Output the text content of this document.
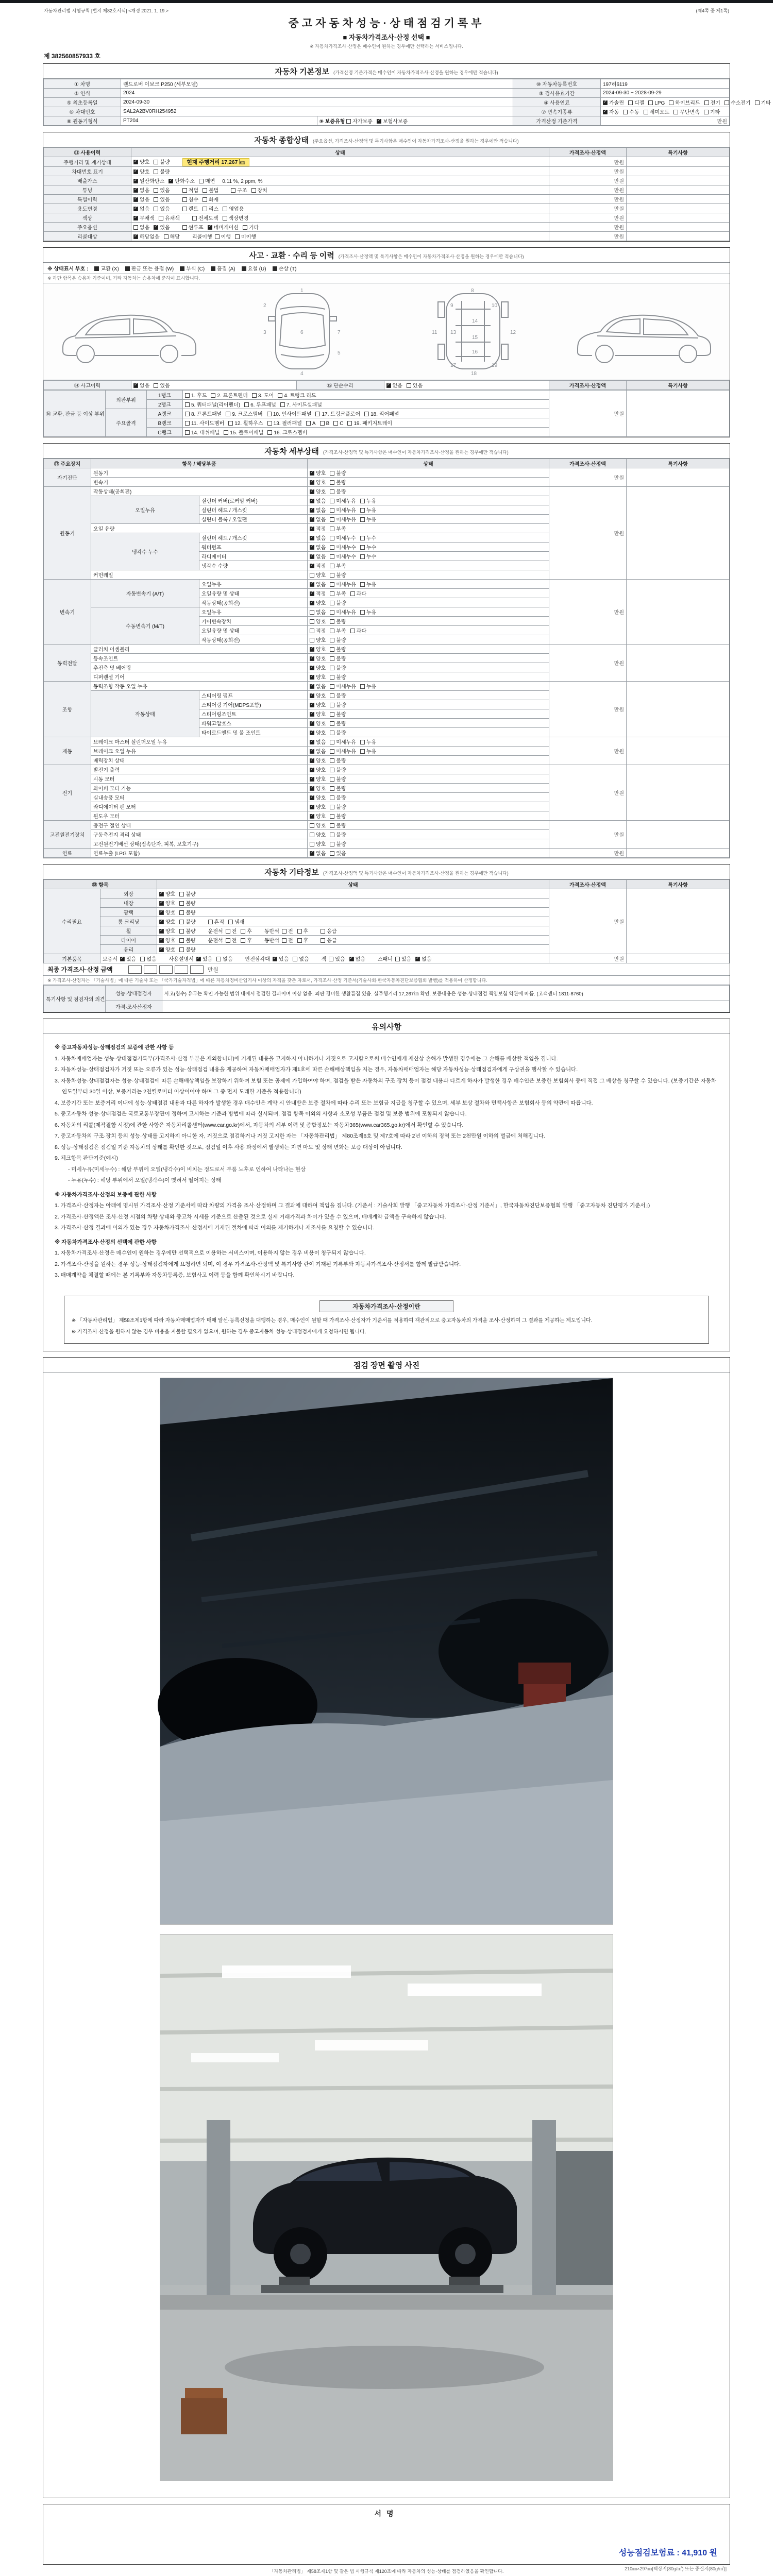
자동차관리법 시행규칙 [별지 제82호서식] <개정 2021. 1. 19.>	(제4쪽 중 제1쪽)
중고자동차성능·상태점검기록부
■ 자동차가격조사·산정 선택 ■
※ 자동차가격조사·산정은 매수인이 원하는 경우에만 선택하는 서비스입니다.
제 382560857933 호
자동차 기본정보 (가격산정 기준가격은 매수인이 자동차가격조사·산정을 원하는 경우에만 적습니다)
① 차명	랜드로버 이보크 P250 (세부모델)		⑩ 자동차등록번호	197허6119
② 연식	2024		③ 검사유효기간	2024-09-30 ~ 2028-09-29
⑤ 최초등록일	2024-09-30		④ 사용연료	✓가솔린 디젤 LPG 하이브리드 전기 수소전기 기타
⑥ 차대번호	SAL2A2BV0RH254952		⑦ 변속기종류	✓자동 수동 세미오토 무단변속 기타
⑧ 원동기형식	PT204	⑨ 보증유형 자가보증 ✓ 보험사보증	가격산정 기준가격	만원
자동차 종합상태 (주요옵션, 가격조사·산정액 및 특기사항은 매수인이 자동차가격조사·산정을 원하는 경우에만 적습니다)
⑪ 사용이력	상태	가격조사·산정액	특기사항
주행거리 및 계기상태	✓양호 불량 현재 주행거리 17,267 ㎞	만원	
차대번호 표기	✓양호 불량	만원	
배출가스	✓일산화탄소 ✓ 탄화수소 매연 0.11 %, 2 ppm, %	만원	
튜닝	✓없음 있음 적법 불법 구조 장치	만원	
특별이력	✓없음 있음 침수 화재	만원	
용도변경	✓없음 있음 렌트 리스 영업용	만원	
색상	✓무채색 유채색 전체도색 색상변경	만원	
주요옵션	없음 ✓ 있음 썬루프 ✓ 네비게이션 기타	만원	
리콜대상	✓해당없음 해당 리콜이행 이행 미이행	만원	
사고 · 교환 · 수리 등 이력 (가격조사·산정액 및 특기사항은 매수인이 자동차가격조사·산정을 원하는 경우에만 적습니다)
※ 상태표시 부호 : 교환 (X) 판금 또는 용접 (W) 부식 (C) 흠집 (A) 요철 (U) 손상 (T)
※ 하단 항목은 승용차 기준이며, 기타 자동차는 승용차에 준하여 표시합니다.
1
2
3
4
5
6	7
8
9	10
11	12
13
14
15
16
17
18
19
⑭ 사고이력	✓없음 있음	⑮ 단순수리	✓없음 있음	가격조사·산정액	특기사항
⑯ 교환, 판금 등 이상 부위	외판부위	1랭크	1. 후드 2. 프론트펜더 3. 도어 4. 트렁크 리드	만원	
		2랭크	5. 쿼터패널(리어펜더) 6. 루프패널 7. 사이드실패널		
	주요골격	A랭크	8. 프론트패널 9. 크로스멤버 10. 인사이드패널 17. 트렁크플로어 18. 리어패널		
		B랭크	11. 사이드멤버 12. 휠하우스 13. 필러패널 A B C 19. 패키지트레이		
		C랭크	14. 대쉬패널 15. 플로어패널 16. 크로스멤버		
자동차 세부상태 (가격조사·산정액 및 특기사항은 매수인이 자동차가격조사·산정을 원하는 경우에만 적습니다)
⑰ 주요장치	항목 / 해당부품		상태	가격조사·산정액	특기사항
자기진단	원동기	✓양호 불량	만원	
	변속기	✓양호 불량
원동기	작동상태(공회전)	✓양호 불량	만원	
	오일누유	실린더 커버(로커암 커버)	✓없음 미세누유 누유
		실린더 헤드 / 개스킷	✓없음 미세누유 누유
		실린더 블록 / 오일팬	✓없음 미세누유 누유
	오일 유량	✓적정 부족
	냉각수 누수	실린더 헤드 / 개스킷	✓없음 미세누수 누수
		워터펌프	✓없음 미세누수 누수
		라디에이터	✓없음 미세누수 누수
		냉각수 수량	✓적정 부족
	커먼레일		양호 불량		
변속기	자동변속기 (A/T)	오일누유	✓없음 미세누유 누유	만원	
		오일유량 및 상태	✓적정 부족 과다
		작동상태(공회전)	✓양호 불량
	수동변속기 (M/T)	오일누유	없음 미세누유 누유		
		기어변속장치	양호 불량		
		오일유량 및 상태	적정 부족 과다		
		작동상태(공회전)	양호 불량		
동력전달	클러치 어셈블리	✓양호 불량	만원	
	등속조인트	✓양호 불량
	추진축 및 베어링	✓양호 불량
	디퍼렌셜 기어	✓양호 불량
조향	동력조향 작동 오일 누유	✓없음 미세누유 누유	만원	
	작동상태	스티어링 펌프	✓양호 불량
		스티어링 기어(MDPS포함)	✓양호 불량
		스티어링조인트	✓양호 불량
		파워고압호스	✓양호 불량
		타이로드엔드 및 볼 조인트	✓양호 불량
제동	브레이크 마스터 실린더오일 누유	✓없음 미세누유 누유	만원	
	브레이크 오일 누유	✓없음 미세누유 누유
	배력장치 상태	✓양호 불량
전기	발전기 출력	✓양호 불량	만원	
	시동 모터	✓양호 불량
	와이퍼 모터 기능	✓양호 불량
	실내송풍 모터	✓양호 불량
	라디에이터 팬 모터	✓양호 불량
	윈도우 모터	✓양호 불량
고전원전기장치	충전구 절연 상태		양호 불량	만원	
	구동축전지 격리 상태		양호 불량		
	고전원전기배선 상태(접속단자, 피복, 보호기구)		양호 불량		
연료	연료누출 (LPG 포함)	✓없음 있음	만원	
자동차 기타정보 (가격조사·산정액 및 특기사항은 매수인이 자동차가격조사·산정을 원하는 경우에만 적습니다)
⑱ 항목		상태	가격조사·산정액	특기사항
수리필요	외장	✓양호 불량	만원	
	내장	✓양호 불량
	광택	✓양호 불량
	룸 크리닝	✓양호 불량 흔적 냄새
	휠	✓양호 불량 운전석 전 후 동반석 전 후 응급
	타이어	✓양호 불량 운전석 전 후 동반석 전 후 응급
	유리	✓양호 불량
기본품목	보증서 ✓ 있음 없음 사용설명서 ✓ 있음 없음 안전삼각대 ✓ 있음 없음 잭 있음 ✓ 없음 스패너 있음 ✓ 없음		만원	
최종 가격조사·산정 금액	만원
※ 가격조사·산정자는 「기술사법」에 따른 기술사 또는 「국가기술자격법」에 따른 자동차정비산업기사 이상의 자격을 갖춘 자로서, 가격조사·산정 기준서(기술사회·한국자동차진단보증협회 발행)를 적용하여 산정합니다.
특기사항 및 점검자의 의견	성능·상태점검자	사고(침수) 유무는 확인 가능한 범위 내에서 점검한 결과이며 이상 없음. 외판 경미한 생활흠집 있음. 실주행거리 17,267㎞ 확인. 보증내용은 성능·상태점검 책임보험 약관에 따름. (고객센터 1811-8760)
	가격·조사산정자	
유의사항
※ 중고자동차성능·상태점검의 보증에 관한 사항 등
1. 자동차매매업자는 성능·상태점검기록부(가격조사·산정 부분은 제외합니다)에 기재된 내용을 고지하지 아니하거나 거짓으로 고지함으로써 매수인에게 재산상 손해가 발생한 경우에는 그 손해를 배상할 책임을 집니다.
2. 자동차성능·상태점검자가 거짓 또는 오류가 있는 성능·상태점검 내용을 제공하여 자동차매매업자가 제1호에 따른 손해배상책임을 지는 경우, 자동차매매업자는 해당 자동차성능·상태점검자에게 구상권을 행사할 수 있습니다.
3. 자동차성능·상태점검자는 성능·상태점검에 따른 손해배상책임을 보장하기 위하여 보험 또는 공제에 가입하여야 하며, 점검을 받은 자동차의 구조·장치 등이 점검 내용과 다르게 하자가 발생한 경우 매수인은 보증한 보험회사 등에 직접 그 배상을 청구할 수 있습니다. (보증기간은 자동차 인도일부터 30일 이상, 보증거리는 2천킬로미터 이상이어야 하며 그 중 먼저 도래한 기준을 적용합니다)
4. 보증기간 또는 보증거리 이내에 성능·상태점검 내용과 다른 하자가 발생한 경우 매수인은 계약 시 안내받은 보증 절차에 따라 수리 또는 보험금 지급을 청구할 수 있으며, 세부 보상 절차와 면책사항은 보험회사 등의 약관에 따릅니다.
5. 중고자동차 성능·상태점검은 국토교통부장관이 정하여 고시하는 기준과 방법에 따라 실시되며, 점검 항목 이외의 사항과 소모성 부품은 점검 및 보증 범위에 포함되지 않습니다.
6. 자동차의 리콜(제작결함 시정)에 관한 사항은 자동차리콜센터(www.car.go.kr)에서, 자동차의 세부 이력 및 종합정보는 자동차365(www.car365.go.kr)에서 확인할 수 있습니다.
7. 중고자동차의 구조·장치 등의 성능·상태를 고지하지 아니한 자, 거짓으로 점검하거나 거짓 고지한 자는 「자동차관리법」 제80조제6호 및 제7호에 따라 2년 이하의 징역 또는 2천만원 이하의 벌금에 처해집니다.
8. 성능·상태점검은 점검일 기준 자동차의 상태를 확인한 것으로, 점검일 이후 사용 과정에서 발생하는 자연 마모 및 상태 변화는 보증 대상이 아닙니다.
9. 체크항목 판단기준(예시)
- 미세누유(미세누수) : 해당 부위에 오일(냉각수)이 비치는 정도로서 부품 노후로 인하여 나타나는 현상
- 누유(누수) : 해당 부위에서 오일(냉각수)이 맺혀서 떨어지는 상태
※ 자동차가격조사·산정의 보증에 관한 사항
1. 가격조사·산정자는 아래에 명시된 가격조사·산정 기준서에 따라 차량의 가격을 조사·산정하며 그 결과에 대하여 책임을 집니다. (기준서 : 기술사회 발행 「중고자동차 가격조사·산정 기준서」, 한국자동차진단보증협회 발행 「중고자동차 진단평가 기준서」)
2. 가격조사·산정액은 조사·산정 시점의 차량 상태와 중고차 시세를 기준으로 산출된 것으로 실제 거래가격과 차이가 있을 수 있으며, 매매계약 금액을 구속하지 않습니다.
3. 가격조사·산정 결과에 이의가 있는 경우 자동차가격조사·산정서에 기재된 절차에 따라 이의를 제기하거나 재조사를 요청할 수 있습니다.
※ 자동차가격조사·산정의 선택에 관한 사항
1. 자동차가격조사·산정은 매수인이 원하는 경우에만 선택적으로 이용하는 서비스이며, 이용하지 않는 경우 비용이 청구되지 않습니다.
2. 가격조사·산정을 원하는 경우 성능·상태점검자에게 요청하면 되며, 이 경우 가격조사·산정액 및 특기사항 란이 기재된 기록부와 자동차가격조사·산정서를 함께 발급받습니다.
3. 매매계약을 체결할 때에는 본 기록부와 자동차등록증, 보험사고 이력 등을 함께 확인하시기 바랍니다.
자동차가격조사·산정이란

※ 「자동차관리법」 제58조제1항에 따라 자동차매매업자가 매매 알선·등록신청을 대행하는 경우, 매수인이 원할 때 가격조사·산정자가 기준서를 적용하여 객관적으로 중고자동차의 가격을 조사·산정하여 그 결과를 제공하는 제도입니다.

※ 가격조사·산정을 원하지 않는 경우 비용을 지불할 필요가 없으며, 원하는 경우 중고자동차 성능·상태점검자에게 요청하시면 됩니다.

점검 장면 촬영 사진
서명
성능점검보험료 : 41,910 원
「자동차관리법」 제58조제1항 및 같은 법 시행규칙 제120조에 따라 자동차의 성능·상태를 점검하였음을 확인합니다.	210㎜×297㎜[백상지(80g/㎡) 또는 중질지(80g/㎡)]
